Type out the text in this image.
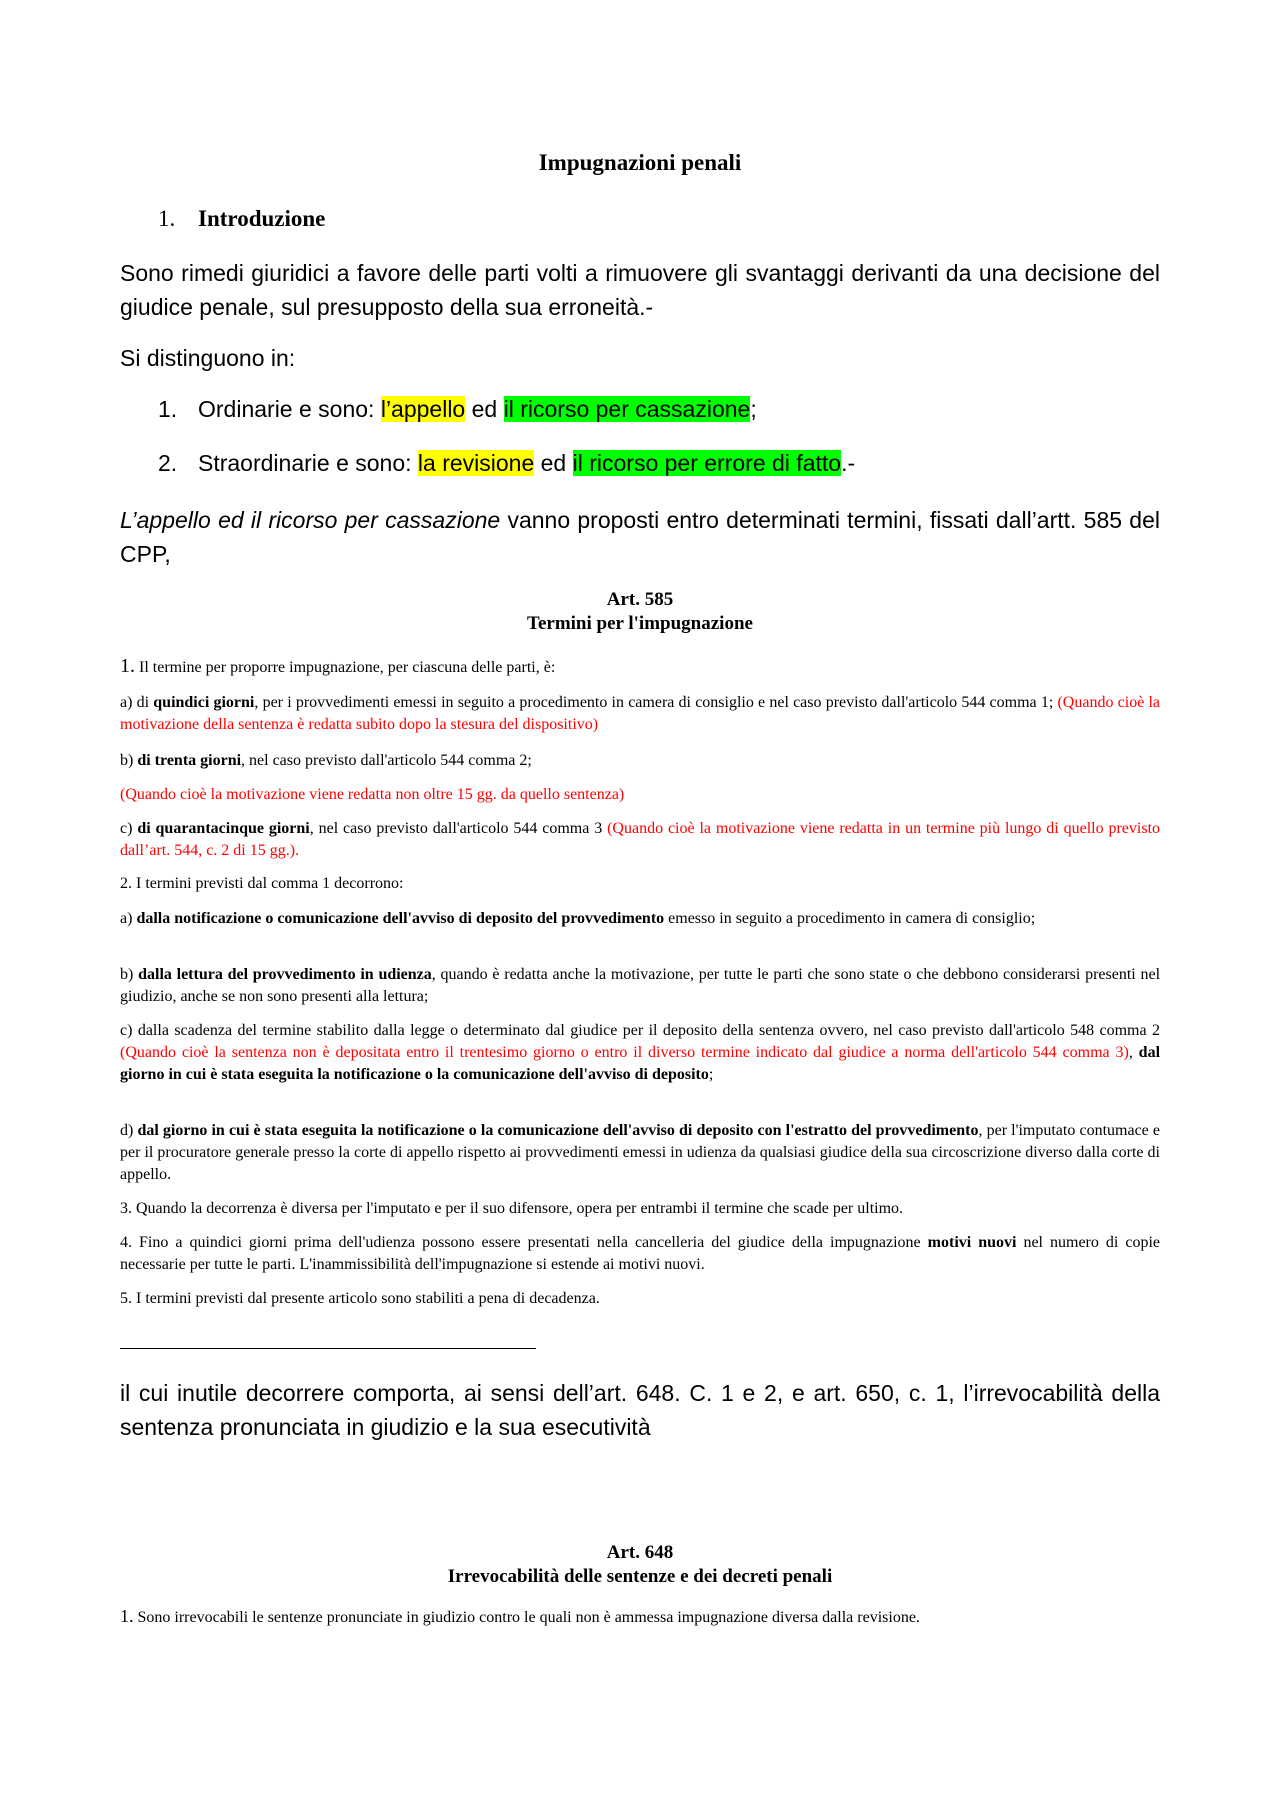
Impugnazioni penali
1. Introduzione
Sono rimedi giuridici a favore delle parti volti a rimuovere gli svantaggi derivanti da una decisione del giudice penale, sul presupposto della sua erroneità.-
Si distinguono in:
1. Ordinarie e sono: l’appello ed il ricorso per cassazione;
2. Straordinarie e sono: la revisione ed il ricorso per errore di fatto.-
L’appello ed il ricorso per cassazione vanno proposti entro determinati termini, fissati dall’artt. 585 del CPP,
Art. 585
Termini per l'impugnazione
1. Il termine per proporre impugnazione, per ciascuna delle parti, è:
a) di quindici giorni, per i provvedimenti emessi in seguito a procedimento in camera di consiglio e nel caso previsto dall'articolo 544 comma 1; (Quando cioè la motivazione della sentenza è redatta subito dopo la stesura del dispositivo)
b) di trenta giorni, nel caso previsto dall'articolo 544 comma 2;
(Quando cioè la motivazione viene redatta non oltre 15 gg. da quello sentenza)
c) di quarantacinque giorni, nel caso previsto dall'articolo 544 comma 3 (Quando cioè la motivazione viene redatta in un termine più lungo di quello previsto dall’art. 544, c. 2 di 15 gg.).
2. I termini previsti dal comma 1 decorrono:
a) dalla notificazione o comunicazione dell'avviso di deposito del provvedimento emesso in seguito a procedimento in camera di consiglio;
b) dalla lettura del provvedimento in udienza, quando è redatta anche la motivazione, per tutte le parti che sono state o che debbono considerarsi presenti nel giudizio, anche se non sono presenti alla lettura;
c) dalla scadenza del termine stabilito dalla legge o determinato dal giudice per il deposito della sentenza ovvero, nel caso previsto dall'articolo 548 comma 2 (Quando cioè la sentenza non è depositata entro il trentesimo giorno o entro il diverso termine indicato dal giudice a norma dell'articolo 544 comma 3), dal giorno in cui è stata eseguita la notificazione o la comunicazione dell'avviso di deposito;
d) dal giorno in cui è stata eseguita la notificazione o la comunicazione dell'avviso di deposito con l'estratto del provvedimento, per l'imputato contumace e per il procuratore generale presso la corte di appello rispetto ai provvedimenti emessi in udienza da qualsiasi giudice della sua circoscrizione diverso dalla corte di appello.
3. Quando la decorrenza è diversa per l'imputato e per il suo difensore, opera per entrambi il termine che scade per ultimo.
4. Fino a quindici giorni prima dell'udienza possono essere presentati nella cancelleria del giudice della impugnazione motivi nuovi nel numero di copie necessarie per tutte le parti. L'inammissibilità dell'impugnazione si estende ai motivi nuovi.
5. I termini previsti dal presente articolo sono stabiliti a pena di decadenza.
il cui inutile decorrere comporta, ai sensi dell’art. 648. C. 1 e 2, e art. 650, c. 1, l’irrevocabilità della sentenza pronunciata in giudizio e la sua esecutività
Art. 648
Irrevocabilità delle sentenze e dei decreti penali
1. Sono irrevocabili le sentenze pronunciate in giudizio contro le quali non è ammessa impugnazione diversa dalla revisione.
